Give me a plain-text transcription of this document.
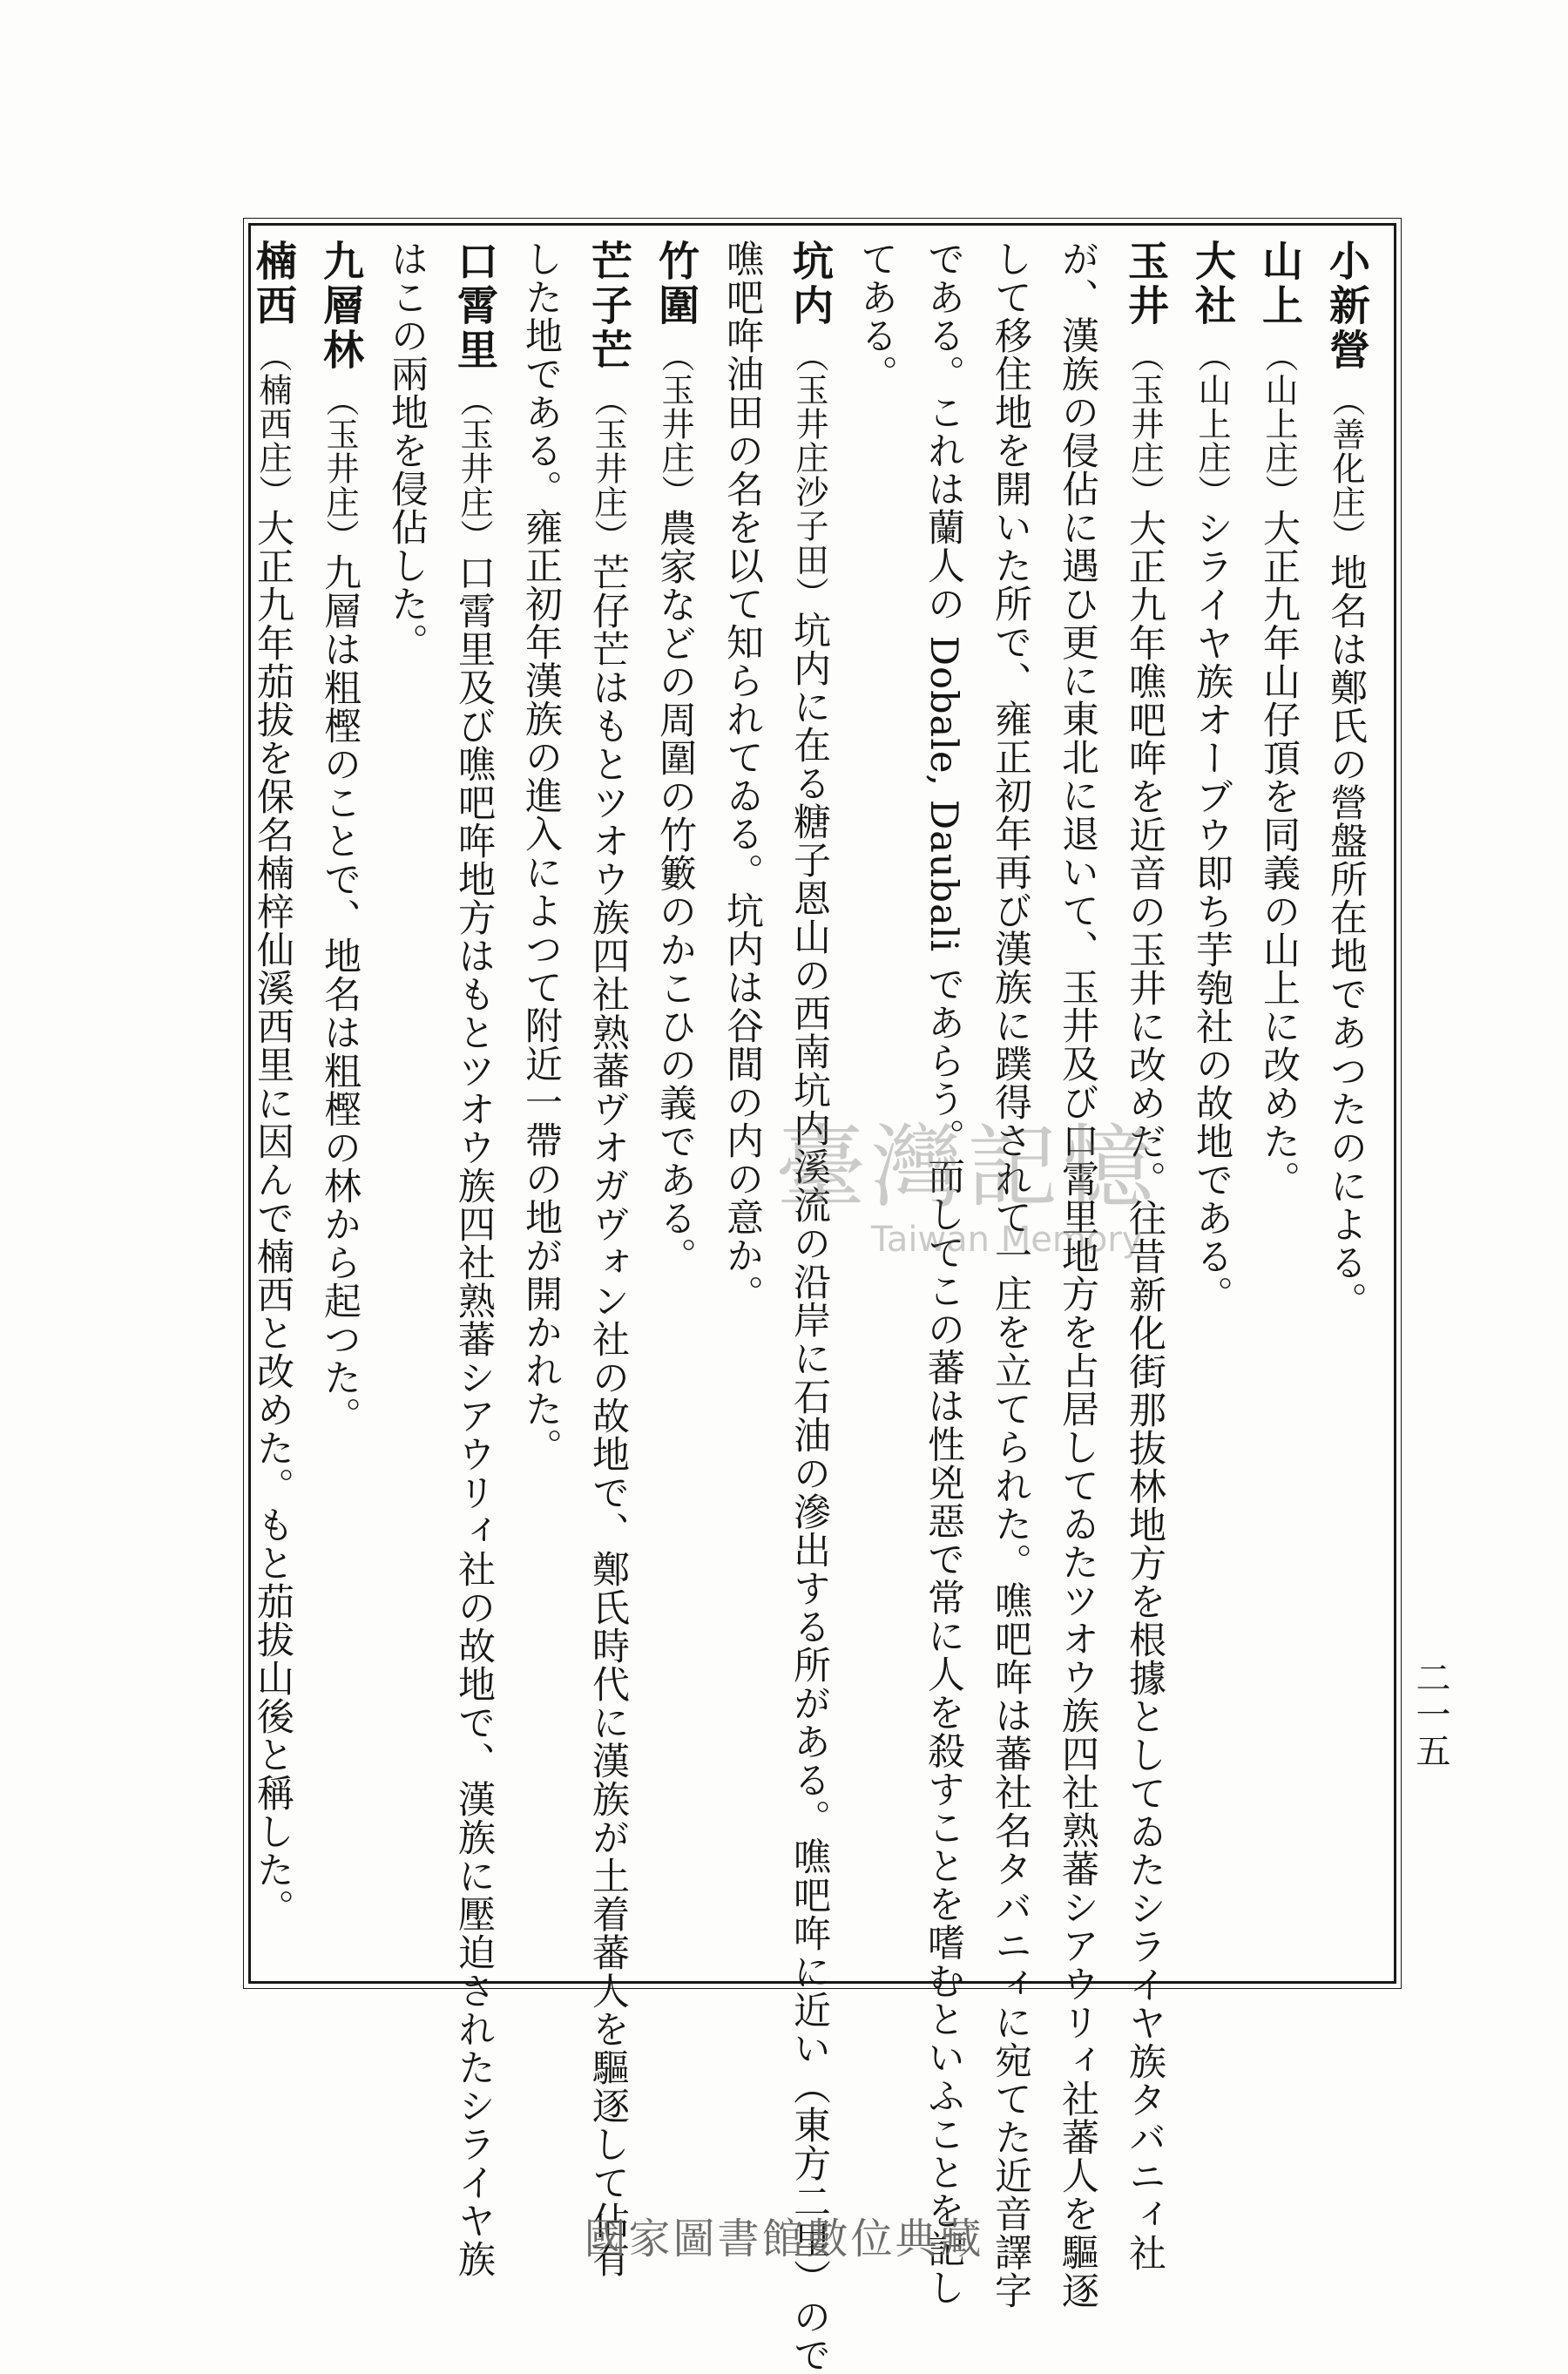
小新營（善化庄）地名は鄭氏の營盤所在地であつたのによる。
山上（山上庄）大正九年山仔頂を同義の山上に改めた。
大社（山上庄）シライヤ族オーブウ即ち芋匏社の故地である。
玉井（玉井庄）大正九年噍吧哖を近音の玉井に改めだ。往昔新化街那抜林地方を根據としてゐたシライヤ族タバニィ社
が、漢族の侵佔に遇ひ更に東北に退いて、玉井及び口霄里地方を占居してゐたツオウ族四社熟蕃シアウリィ社蕃人を驅逐
して移住地を開いた所で、雍正初年再び漢族に蹼得されて一庄を立てられた。噍吧哖は蕃社名タバニィに宛てた近音譯字
である。これは蘭人の Dobale, Daubali であらう。而してこの蕃は性兇惡で常に人を殺すことを嗜むといふことを記し
てある。
坑内（玉井庄沙子田）坑内に在る糖子恩山の西南坑内溪流の沿岸に石油の滲出する所がある。噍吧哖に近い（東方二里）ので
噍吧哖油田の名を以て知られてゐる。坑内は谷間の内の意か。
竹圍（玉井庄）農家などの周圍の竹籔のかこひの義である。
芒子芒（玉井庄）芒仔芒はもとツオウ族四社熟蕃ヴオガヴォン社の故地で、鄭氏時代に漢族が土着蕃人を驅逐して佔有
した地である。雍正初年漢族の進入によつて附近一帶の地が開かれた。
口霄里（玉井庄）口霄里及び噍吧哖地方はもとツオウ族四社熟蕃シアウリィ社の故地で、漢族に壓迫されたシライヤ族
はこの兩地を侵佔した。
九層林（玉井庄）九層は粗樫のことで、地名は粗樫の林から起つた。
楠西（楠西庄）大正九年茄拔を保名楠梓仙溪西里に因んで楠西と改めた。もと茄拔山後と稱した。	二一五
臺灣記憶
Taiwan Memory
國家圖書館數位典藏
